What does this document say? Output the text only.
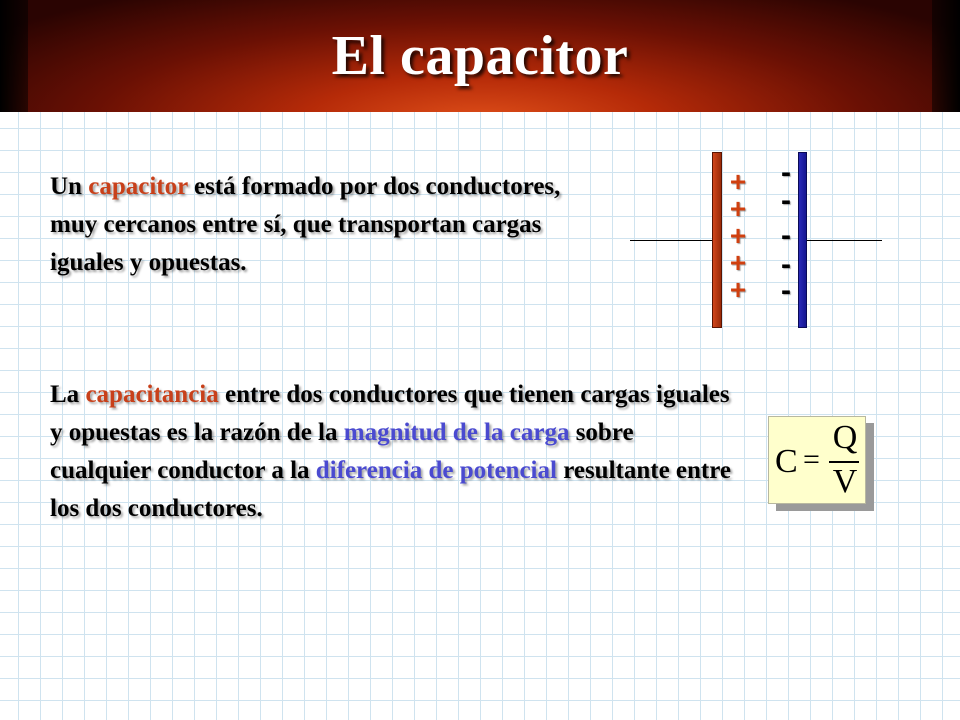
El capacitor

Un capacitor está formado por dos conductores, muy cercanos entre sí, que transportan cargas iguales y opuestas.

+
+
+
+
+
-
-
-
-
-

La capacitancia entre dos conductores que tienen cargas iguales y opuestas es la razón de la magnitud de la carga sobre cualquier conductor a la diferencia de potencial resultante entre los dos conductores.

C =
Q
V
